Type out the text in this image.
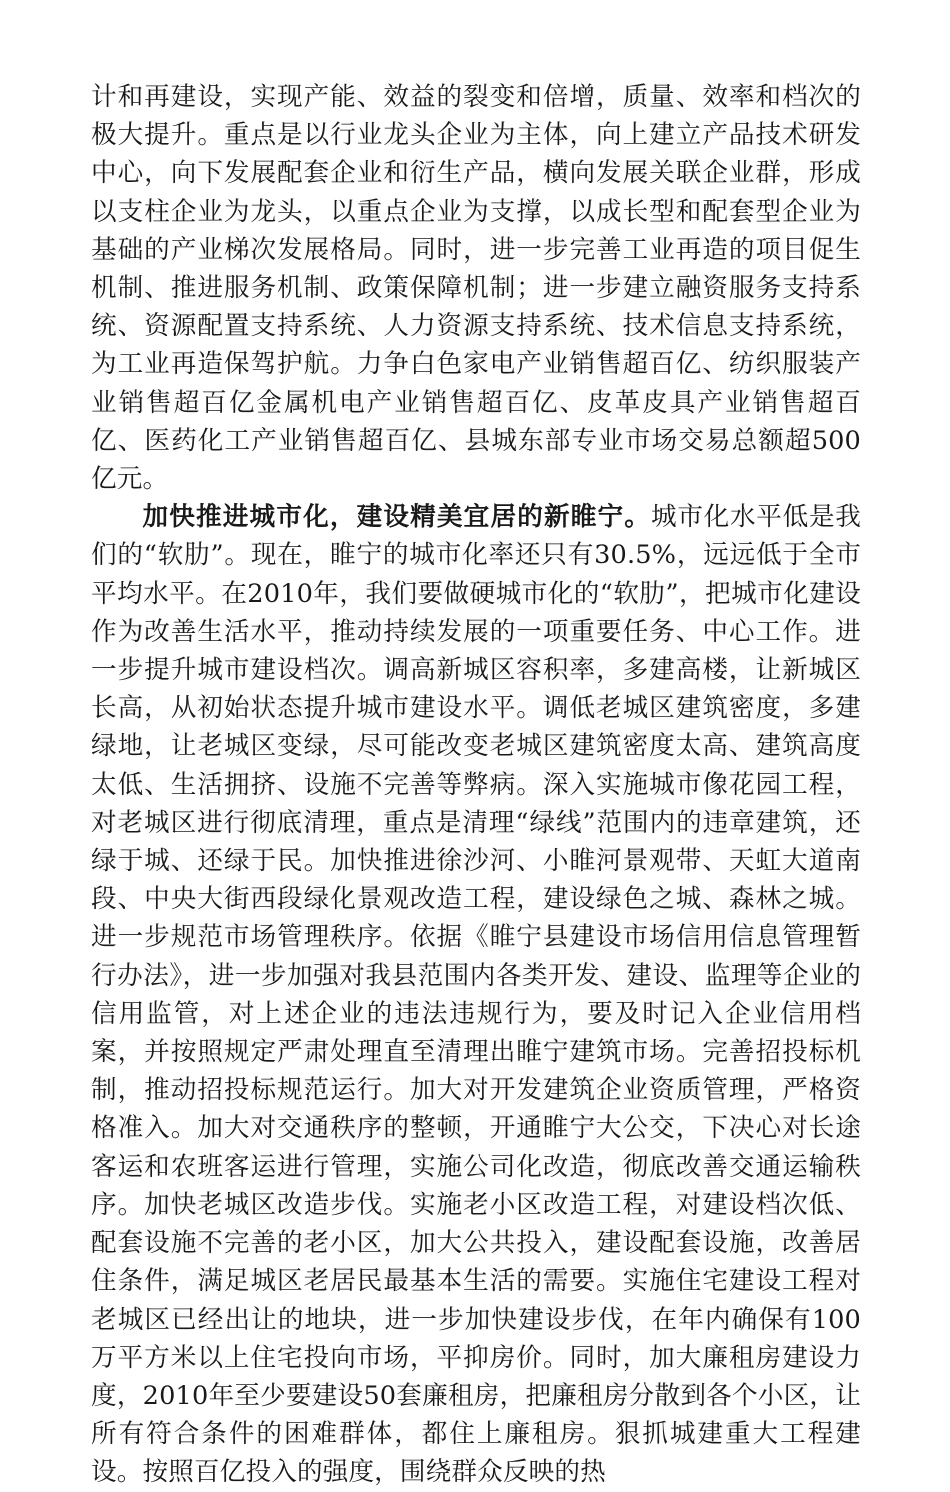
计和再建设，实现产能、效益的裂变和倍增，质量、效率和档次的极大提升。重点是以行业龙头企业为主体，向上建立产品技术研发中心，向下发展配套企业和衍生产品，横向发展关联企业群，形成以支柱企业为龙头，以重点企业为支撑，以成长型和配套型企业为基础的产业梯次发展格局。同时，进一步完善工业再造的项目促生机制、推进服务机制、政策保障机制；进一步建立融资服务支持系统、资源配置支持系统、人力资源支持系统、技术信息支持系统，为工业再造保驾护航。力争白色家电产业销售超百亿、纺织服装产业销售超百亿金属机电产业销售超百亿、皮革皮具产业销售超百亿、医药化工产业销售超百亿、县城东部专业市场交易总额超500亿元。

加快推进城市化，建设精美宜居的新睢宁。城市化水平低是我们的“软肋”。现在，睢宁的城市化率还只有30.5%，远远低于全市平均水平。在2010年，我们要做硬城市化的“软肋”，把城市化建设作为改善生活水平，推动持续发展的一项重要任务、中心工作。进一步提升城市建设档次。调高新城区容积率，多建高楼，让新城区长高，从初始状态提升城市建设水平。调低老城区建筑密度，多建绿地，让老城区变绿，尽可能改变老城区建筑密度太高、建筑高度太低、生活拥挤、设施不完善等弊病。深入实施城市像花园工程，对老城区进行彻底清理，重点是清理“绿线”范围内的违章建筑，还绿于城、还绿于民。加快推进徐沙河、小睢河景观带、天虹大道南段、中央大街西段绿化景观改造工程，建设绿色之城、森林之城。进一步规范市场管理秩序。依据《睢宁县建设市场信用信息管理暂行办法》，进一步加强对我县范围内各类开发、建设、监理等企业的信用监管，对上述企业的违法违规行为，要及时记入企业信用档案，并按照规定严肃处理直至清理出睢宁建筑市场。完善招投标机制，推动招投标规范运行。加大对开发建筑企业资质管理，严格资格准入。加大对交通秩序的整顿，开通睢宁大公交，下决心对长途客运和农班客运进行管理，实施公司化改造，彻底改善交通运输秩序。加快老城区改造步伐。实施老小区改造工程，对建设档次低、配套设施不完善的老小区，加大公共投入，建设配套设施，改善居住条件，满足城区老居民最基本生活的需要。实施住宅建设工程对老城区已经出让的地块，进一步加快建设步伐，在年内确保有100万平方米以上住宅投向市场，平抑房价。同时，加大廉租房建设力度，2010年至少要建设50套廉租房，把廉租房分散到各个小区，让所有符合条件的困难群体，都住上廉租房。狠抓城建重大工程建设。按照百亿投入的强度，围绕群众反映的热
